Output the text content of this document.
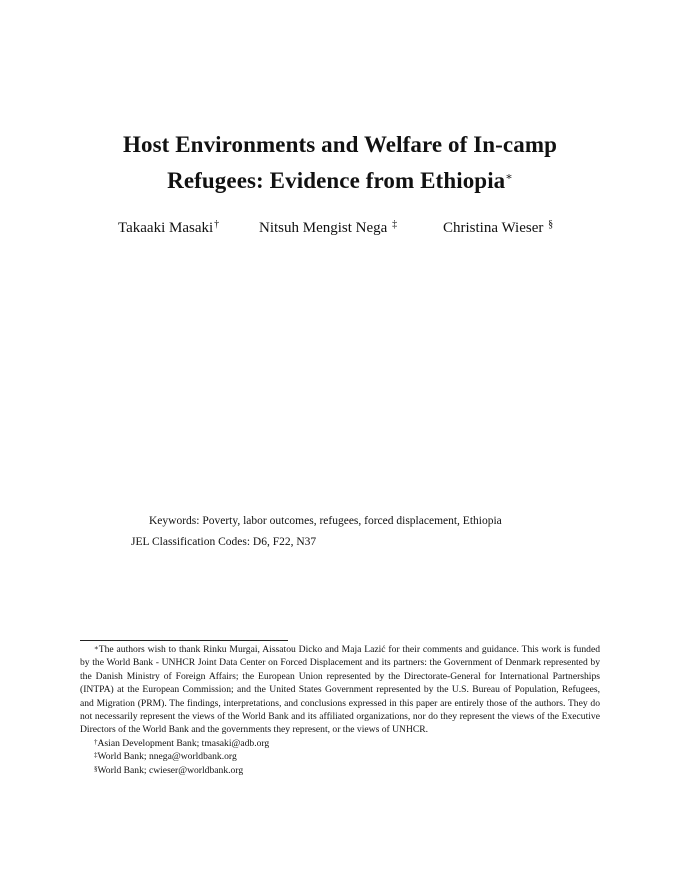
Host Environments and Welfare of In-camp
Refugees: Evidence from Ethiopia∗
Takaaki Masaki†	Nitsuh Mengist Nega ‡	Christina Wieser §
Keywords: Poverty, labor outcomes, refugees, forced displacement, Ethiopia
JEL Classification Codes: D6, F22, N37

∗The authors wish to thank Rinku Murgai, Aissatou Dicko and Maja Lazić for their comments and guidance. This work is funded by the World Bank - UNHCR Joint Data Center on Forced Displacement and its partners: the Government of Denmark represented by the Danish Ministry of Foreign Affairs; the European Union represented by the Directorate-General for International Partnerships (INTPA) at the European Commission; and the United States Government represented by the U.S. Bureau of Population, Refugees, and Migration (PRM). The findings, interpretations, and conclusions expressed in this paper are entirely those of the authors. They do not necessarily represent the views of the World Bank and its affiliated organizations, nor do they represent the views of the Executive Directors of the World Bank and the governments they represent, or the views of UNHCR.

†Asian Development Bank; tmasaki@adb.org

‡World Bank; nnega@worldbank.org

§World Bank; cwieser@worldbank.org
